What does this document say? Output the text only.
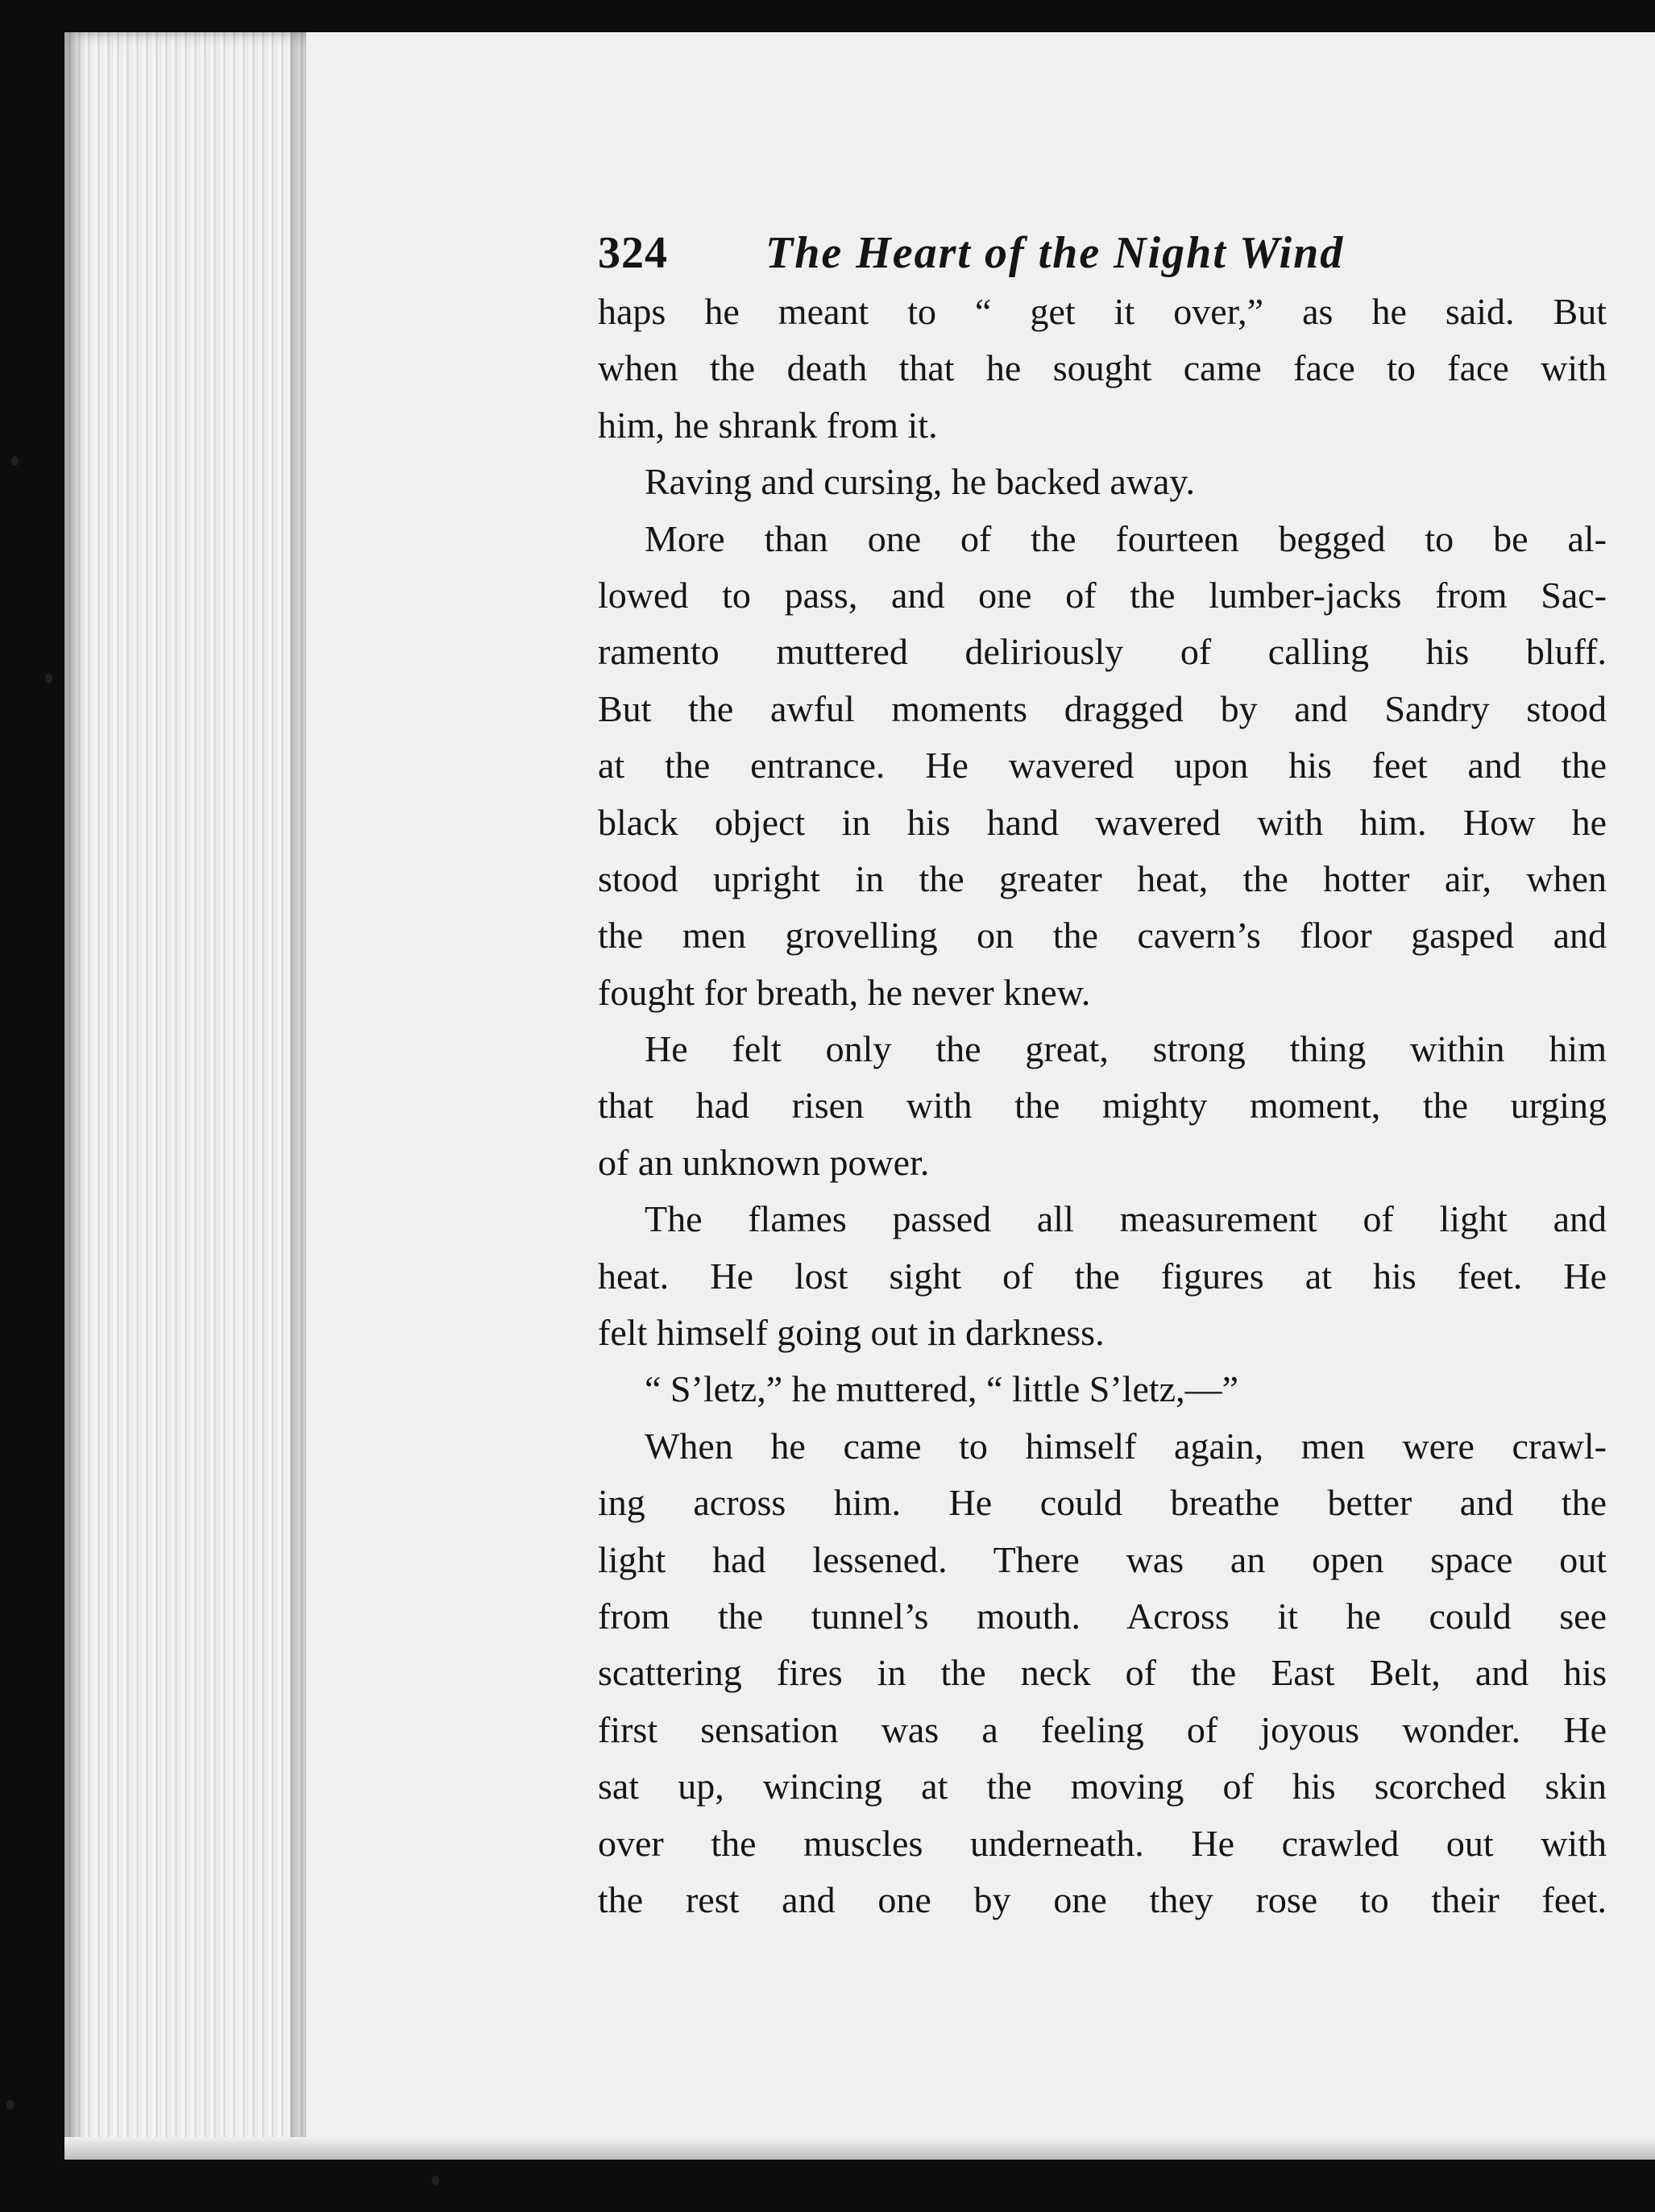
324	The Heart of the Night Wind
haps he meant to “ get it over,” as he said. But
when the death that he sought came face to face with
him, he shrank from it.
Raving and cursing, he backed away.
More than one of the fourteen begged to be al-
lowed to pass, and one of the lumber-jacks from Sac-
ramento muttered deliriously of calling his bluff.
But the awful moments dragged by and Sandry stood
at the entrance. He wavered upon his feet and the
black object in his hand wavered with him. How he
stood upright in the greater heat, the hotter air, when
the men grovelling on the cavern’s floor gasped and
fought for breath, he never knew.
He felt only the great, strong thing within him
that had risen with the mighty moment, the urging
of an unknown power.
The flames passed all measurement of light and
heat. He lost sight of the figures at his feet. He
felt himself going out in darkness.
“ S’letz,” he muttered, “ little S’letz,—”
When he came to himself again, men were crawl-
ing across him. He could breathe better and the
light had lessened. There was an open space out
from the tunnel’s mouth. Across it he could see
scattering fires in the neck of the East Belt, and his
first sensation was a feeling of joyous wonder. He
sat up, wincing at the moving of his scorched skin
over the muscles underneath. He crawled out with
the rest and one by one they rose to their feet.
